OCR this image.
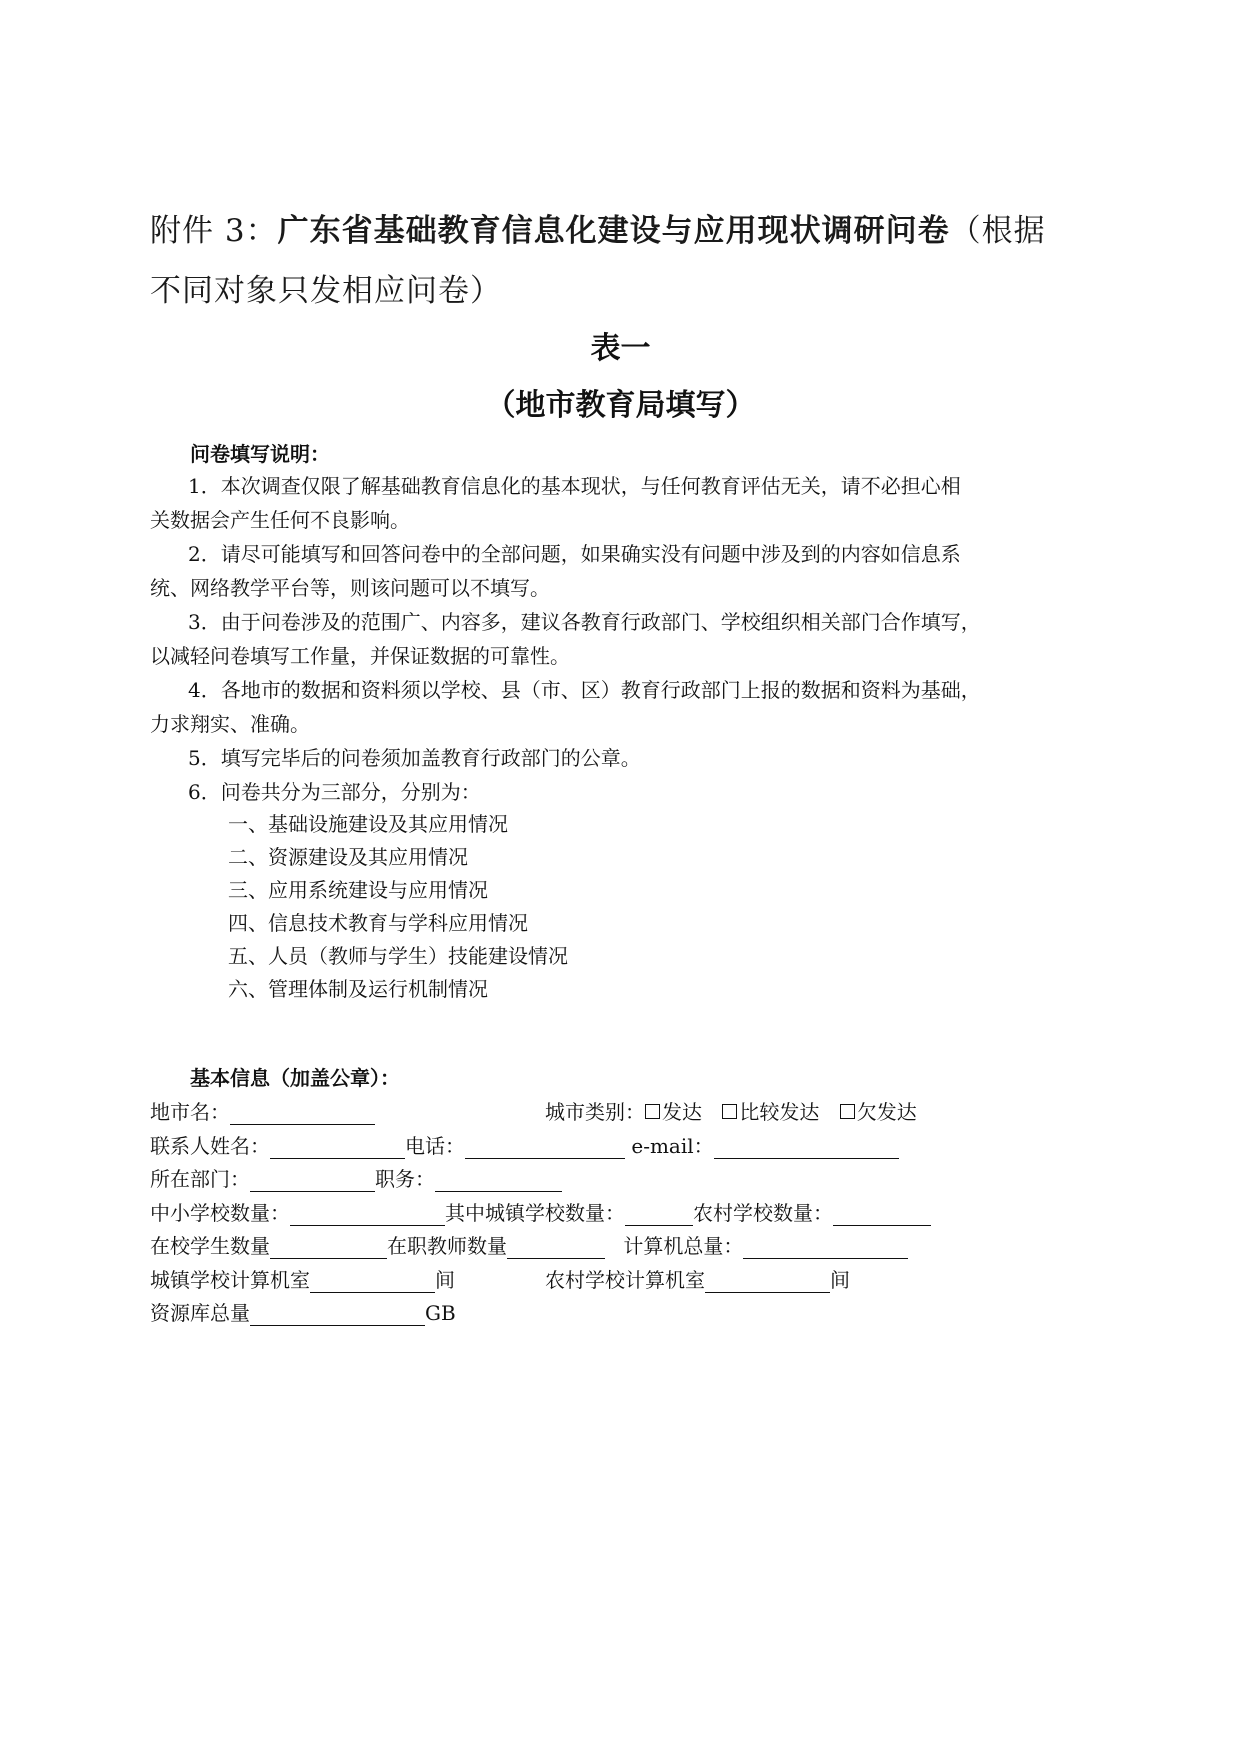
附件 3：广东省基础教育信息化建设与应用现状调研问卷（根据
不同对象只发相应问卷）
表一
（地市教育局填写）
问卷填写说明：
1．本次调查仅限了解基础教育信息化的基本现状，与任何教育评估无关，请不必担心相
关数据会产生任何不良影响。
2．请尽可能填写和回答问卷中的全部问题，如果确实没有问题中涉及到的内容如信息系
统、网络教学平台等，则该问题可以不填写。
3．由于问卷涉及的范围广、内容多，建议各教育行政部门、学校组织相关部门合作填写，
以减轻问卷填写工作量，并保证数据的可靠性。
4．各地市的数据和资料须以学校、县（市、区）教育行政部门上报的数据和资料为基础，
力求翔实、准确。
5．填写完毕后的问卷须加盖教育行政部门的公章。
6．问卷共分为三部分，分别为：
一、基础设施建设及其应用情况
二、资源建设及其应用情况
三、应用系统建设与应用情况
四、信息技术教育与学科应用情况
五、人员（教师与学生）技能建设情况
六、管理体制及运行机制情况
基本信息（加盖公章）：
地市名：	城市类别： 发达 比较发达 欠发达
联系人姓名：	电话：	e-mail：
所在部门：	职务：
中小学校数量：	其中城镇学校数量：	农村学校数量：
在校学生数量	在职教师数量	计算机总量：
城镇学校计算机室	间	农村学校计算机室	间
资源库总量	GB
